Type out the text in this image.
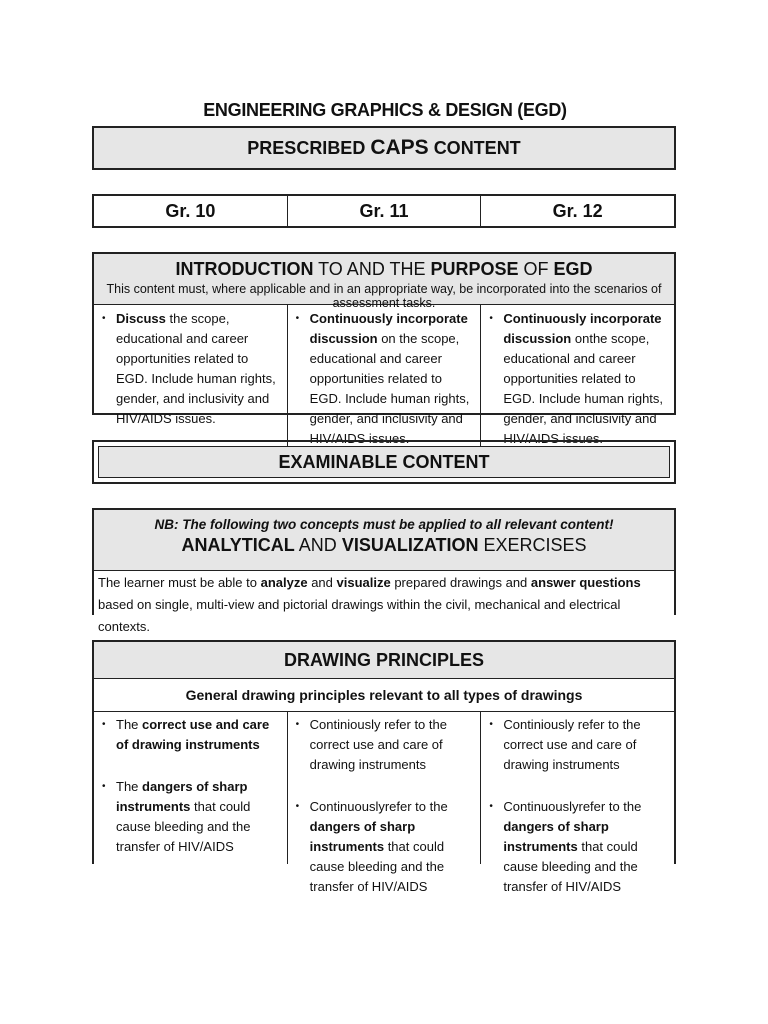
ENGINEERING GRAPHICS & DESIGN (EGD)
PRESCRIBED CAPS CONTENT
Gr. 10	Gr. 11	Gr. 12
INTRODUCTION TO AND THE PURPOSE OF EGD
This content must, where applicable and in an appropriate way, be incorporated into the scenarios of assessment tasks.
• Discuss the scope, educational and career opportunities related to EGD. Include human rights, gender, and inclusivity and HIV/AIDS issues.
• Continuously incorporate discussion on the scope, educational and career opportunities related to EGD. Include human rights, gender, and inclusivity and HIV/AIDS issues.
• Continuously incorporate discussion onthe scope, educational and career opportunities related to EGD. Include human rights, gender, and inclusivity and HIV/AIDS issues.
EXAMINABLE CONTENT
NB: The following two concepts must be applied to all relevant content!
ANALYTICAL AND VISUALIZATION EXERCISES
The learner must be able to analyze and visualize prepared drawings and answer questions based on single, multi-view and pictorial drawings within the civil, mechanical and electrical contexts.
DRAWING PRINCIPLES
General drawing principles relevant to all types of drawings
• The correct use and care of drawing instruments
• The dangers of sharp instruments that could cause bleeding and the transfer of HIV/AIDS
• Continiously refer to the correct use and care of drawing instruments
• Continuouslyrefer to the dangers of sharp instruments that could cause bleeding and the transfer of HIV/AIDS
• Continiously refer to the correct use and care of drawing instruments
• Continuouslyrefer to the dangers of sharp instruments that could cause bleeding and the transfer of HIV/AIDS
